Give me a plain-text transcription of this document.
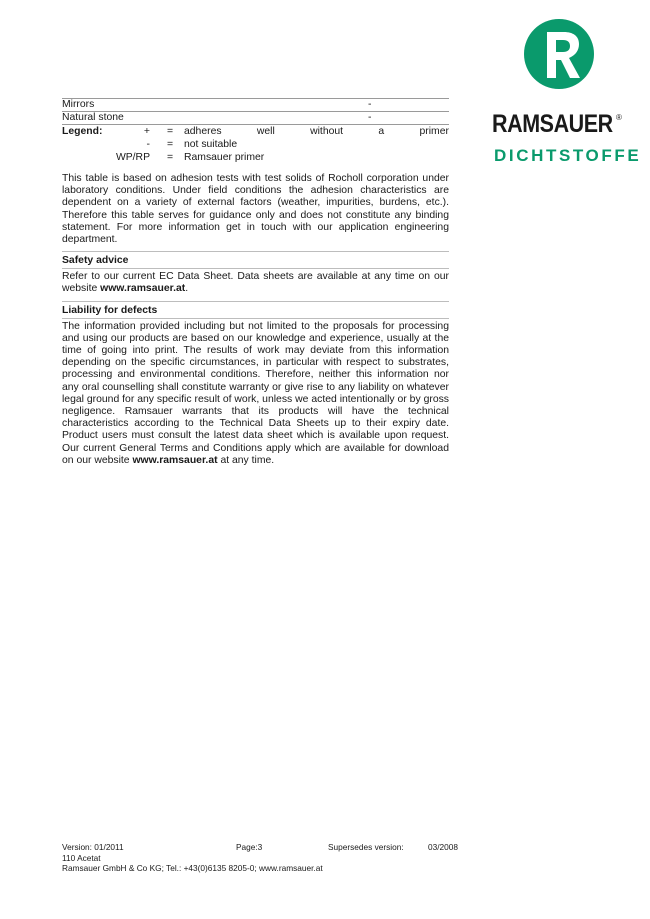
RAMSAUER ®
DICHTSTOFFE
Mirrors	-
Natural stone	-
Legend:	+ = adheres	well	without	a	primer
- = not suitable
WP/RP = Ramsauer primer

This table is based on adhesion tests with test solids of Rocholl corporation under laboratory conditions. Under field conditions the adhesion characteristics are dependent on a variety of external factors (weather, impurities, burdens, etc.). Therefore this table serves for guidance only and does not constitute any binding statement. For more information get in touch with our application engineering department.

Safety advice
Refer to our current EC Data Sheet. Data sheets are available at any time on our website www.ramsauer.at.
Liability for defects
The information provided including but not limited to the proposals for processing and using our products are based on our knowledge and experience, usually at the time of going into print. The results of work may deviate from this information depending on the specific circumstances, in particular with respect to substrates, processing and environmental conditions. Therefore, neither this information nor any oral counselling shall constitute warranty or give rise to any liability on whatever legal ground for any specific result of work, unless we acted intentionally or by gross negligence. Ramsauer warrants that its products will have the technical characteristics according to the Technical Data Sheets up to their expiry date. Product users must consult the latest data sheet which is available upon request. Our current General Terms and Conditions apply which are available for download on our website www.ramsauer.at at any time.
Version: 01/2011	Page:3	Supersedes version:	03/2008
110 Acetat
Ramsauer GmbH & Co KG; Tel.: +43(0)6135 8205-0; www.ramsauer.at
